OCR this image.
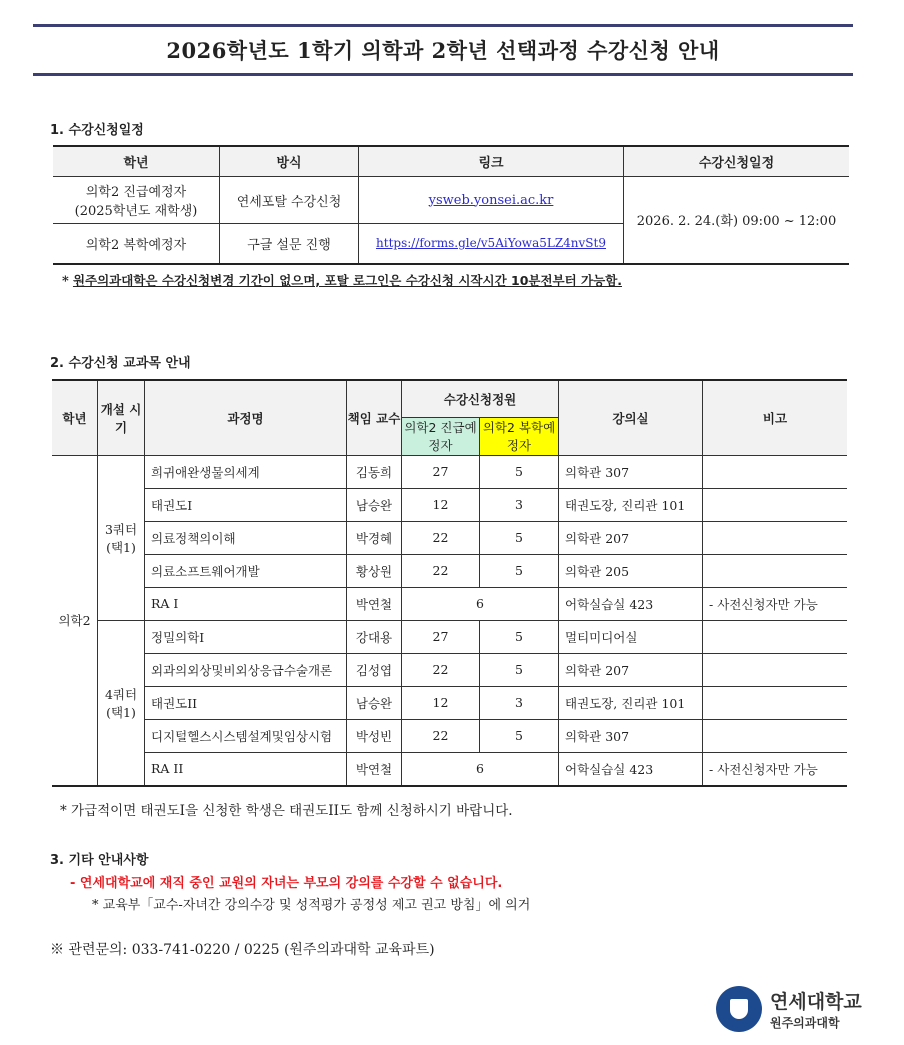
2026학년도 1학기 의학과 2학년 선택과정 수강신청 안내
1. 수강신청일정
학년	방식	링크	수강신청일정

의학2 진급예정자
(2025학년도 재학생)	연세포탈 수강신청	ysweb.yonsei.ac.kr	2026. 2. 24.(화) 09:00 ~ 12:00
의학2 복학예정자	구글 설문 진행	https://forms.gle/v5AiYowa5LZ4nvSt9	
* 원주의과대학은 수강신청변경 기간이 없으며, 포탈 로그인은 수강신청 시작시간 10분전부터 가능함.
2. 수강신청 교과목 안내
학년	개설 시기	과정명	책임 교수	수강신청정원		강의실	비고
				의학2 진급예정자	의학2 복학예정자		
의학2	3쿼터 (택1)	희귀애완생물의세계	김동희	27	5	의학관 307	
		태권도I	남승완	12	3	태권도장, 진리관 101	
		의료정책의이해	박경혜	22	5	의학관 207	
		의료소프트웨어개발	황상원	22	5	의학관 205	
		RA I	박연철	6		어학실습실 423	- 사전신청자만 가능
	4쿼터 (택1)	정밀의학I	강대용	27	5	멀티미디어실	
		외과의외상및비외상응급수술개론	김성엽	22	5	의학관 207	
		태권도II	남승완	12	3	태권도장, 진리관 101	
		디지털헬스시스템설계및임상시험	박성빈	22	5	의학관 307	
		RA II	박연철	6		어학실습실 423	- 사전신청자만 가능
* 가급적이면 태권도I을 신청한 학생은 태권도II도 함께 신청하시기 바랍니다.
3. 기타 안내사항
- 연세대학교에 재직 중인 교원의 자녀는 부모의 강의를 수강할 수 없습니다.
* 교육부「교수-자녀간 강의수강 및 성적평가 공정성 제고 권고 방침」에 의거
※ 관련문의: 033-741-0220 / 0225 (원주의과대학 교육파트)
연세대학교
원주의과대학
